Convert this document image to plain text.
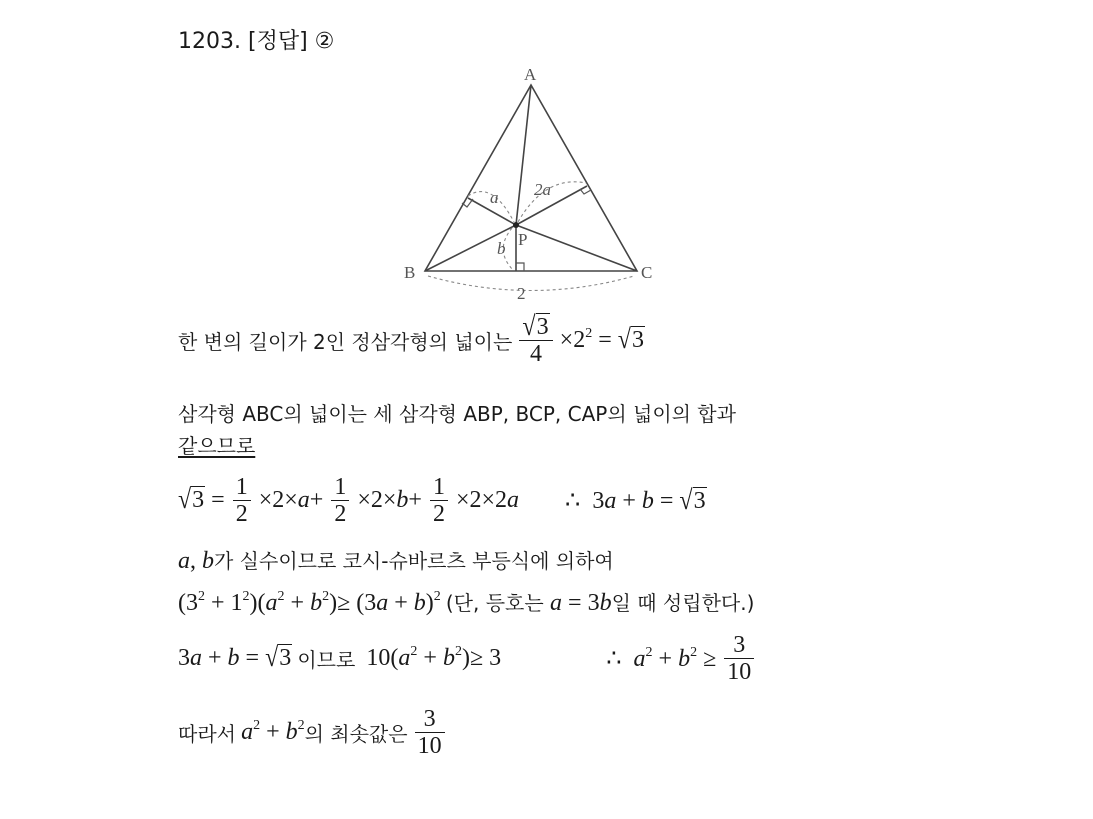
1203. [정답] ②
A
B	C
P
a 2a
b
2
한 변의 길이가 2인 정삼각형의 넓이는 $\frac{√3}{4} \times 2^2 = √3$
삼각형 ABC의 넓이는 세 삼각형 ABP, BCP, CAP의 넓이의 합과
같으므로
$√3 = \frac{1}{2} \times 2\times a+ \frac{1}{2} \times 2\times b+ \frac{1}{2} \times 2\times 2a$ ∴ 3a + b = √3
a, b가 실수이므로 코시-슈바르츠 부등식에 의하여
$(3^2 + 1^2)(a^2 + b^2)\ge (3a + b)^2$ (단, 등호는 a = 3b일 때 성립한다.)
3a + b = √3 이므로 $10(a^2 + b^2)\ge 3$	∴ $a^2 + b^2 \ge \frac{3}{10}$
따라서 $a^2 + b^2$의 최솟값은 $\frac{3}{10}$
